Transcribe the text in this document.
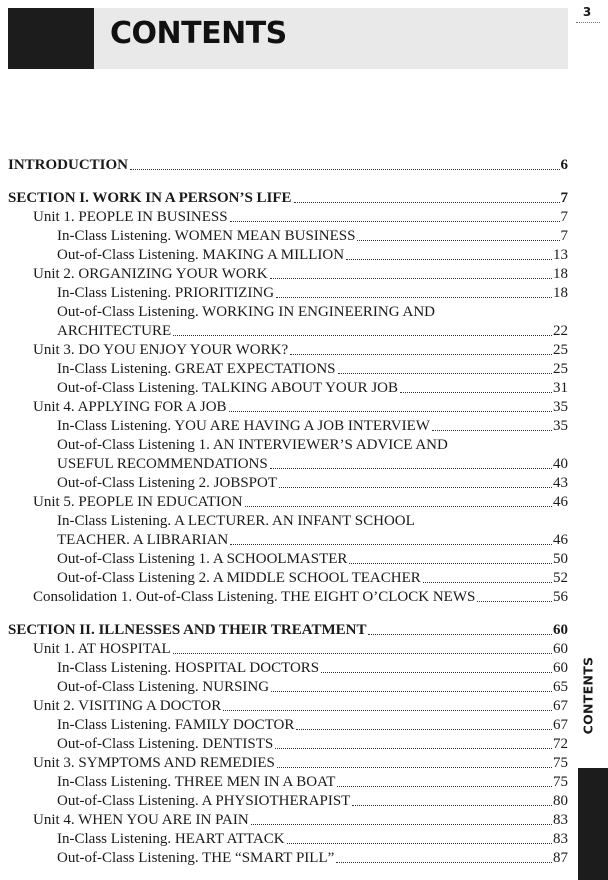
CONTENTS
3
CONTENTS
INTRODUCTION	6
SECTION I. WORK IN A PERSON’S LIFE	7
Unit 1. PEOPLE IN BUSINESS	7
In-Class Listening. WOMEN MEAN BUSINESS	7
Out-of-Class Listening. MAKING A MILLION	13
Unit 2. ORGANIZING YOUR WORK	18
In-Class Listening. PRIORITIZING	18
Out-of-Class Listening. WORKING IN ENGINEERING AND
ARCHITECTURE	22
Unit 3. DO YOU ENJOY YOUR WORK?	25
In-Class Listening. GREAT EXPECTATIONS	25
Out-of-Class Listening. TALKING ABOUT YOUR JOB	31
Unit 4. APPLYING FOR A JOB	35
In-Class Listening. YOU ARE HAVING A JOB INTERVIEW	35
Out-of-Class Listening 1. AN INTERVIEWER’S ADVICE AND
USEFUL RECOMMENDATIONS	40
Out-of-Class Listening 2. JOBSPOT	43
Unit 5. PEOPLE IN EDUCATION	46
In-Class Listening. A LECTURER. AN INFANT SCHOOL
TEACHER. A LIBRARIAN	46
Out-of-Class Listening 1. A SCHOOLMASTER	50
Out-of-Class Listening 2. A MIDDLE SCHOOL TEACHER	52
Consolidation 1. Out-of-Class Listening. THE EIGHT O’CLOCK NEWS	56
SECTION II. ILLNESSES AND THEIR TREATMENT	60
Unit 1. AT HOSPITAL	60
In-Class Listening. HOSPITAL DOCTORS	60
Out-of-Class Listening. NURSING	65
Unit 2. VISITING A DOCTOR	67
In-Class Listening. FAMILY DOCTOR	67
Out-of-Class Listening. DENTISTS	72
Unit 3. SYMPTOMS AND REMEDIES	75
In-Class Listening. THREE MEN IN A BOAT	75
Out-of-Class Listening. A PHYSIOTHERAPIST	80
Unit 4. WHEN YOU ARE IN PAIN	83
In-Class Listening. HEART ATTACK	83
Out-of-Class Listening. THE “SMART PILL”	87
